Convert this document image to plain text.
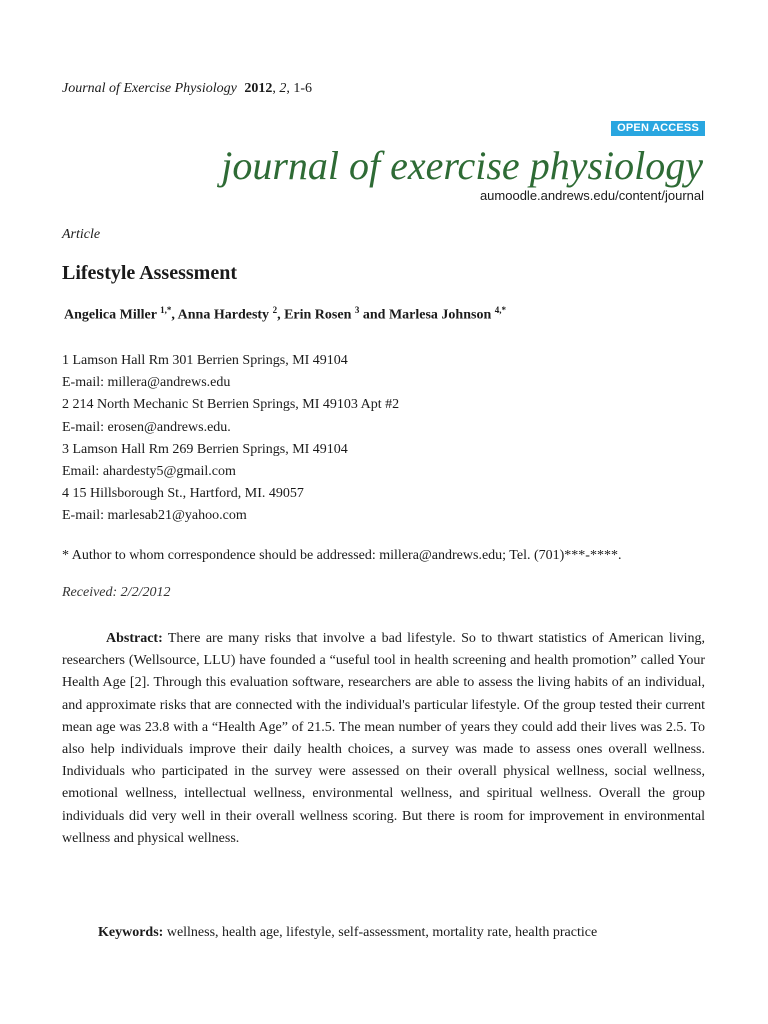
Journal of Exercise Physiology 2012, 2, 1-6
OPEN ACCESS
journal of exercise physiology
aumoodle.andrews.edu/content/journal
Article
Lifestyle Assessment
Angelica Miller $^{1,*}$, Anna Hardesty $^2$, Erin Rosen $^3$ and Marlesa Johnson $^{4,*}$
1 Lamson Hall Rm 301 Berrien Springs, MI 49104
E-mail: millera@andrews.edu
2 214 North Mechanic St Berrien Springs, MI 49103 Apt #2
E-mail: erosen@andrews.edu.
3 Lamson Hall Rm 269 Berrien Springs, MI 49104
Email: ahardesty5@gmail.com
4 15 Hillsborough St., Hartford, MI. 49057
E-mail: marlesab21@yahoo.com
* Author to whom correspondence should be addressed: millera@andrews.edu; Tel. (701)***-****.
Received: 2/2/2012
Abstract: There are many risks that involve a bad lifestyle. So to thwart statistics of American living, researchers (Wellsource, LLU) have founded a “useful tool in health screening and health promotion” called Your Health Age [2]. Through this evaluation software, researchers are able to assess the living habits of an individual, and approximate risks that are connected with the individual's particular lifestyle. Of the group tested their current mean age was 23.8 with a “Health Age” of 21.5. The mean number of years they could add their lives was 2.5. To also help individuals improve their daily health choices, a survey was made to assess ones overall wellness. Individuals who participated in the survey were assessed on their overall physical wellness, social wellness, emotional wellness, intellectual wellness, environmental wellness, and spiritual wellness. Overall the group individuals did very well in their overall wellness scoring. But there is room for improvement in environmental wellness and physical wellness.
Keywords: wellness, health age, lifestyle, self-assessment, mortality rate, health practice
